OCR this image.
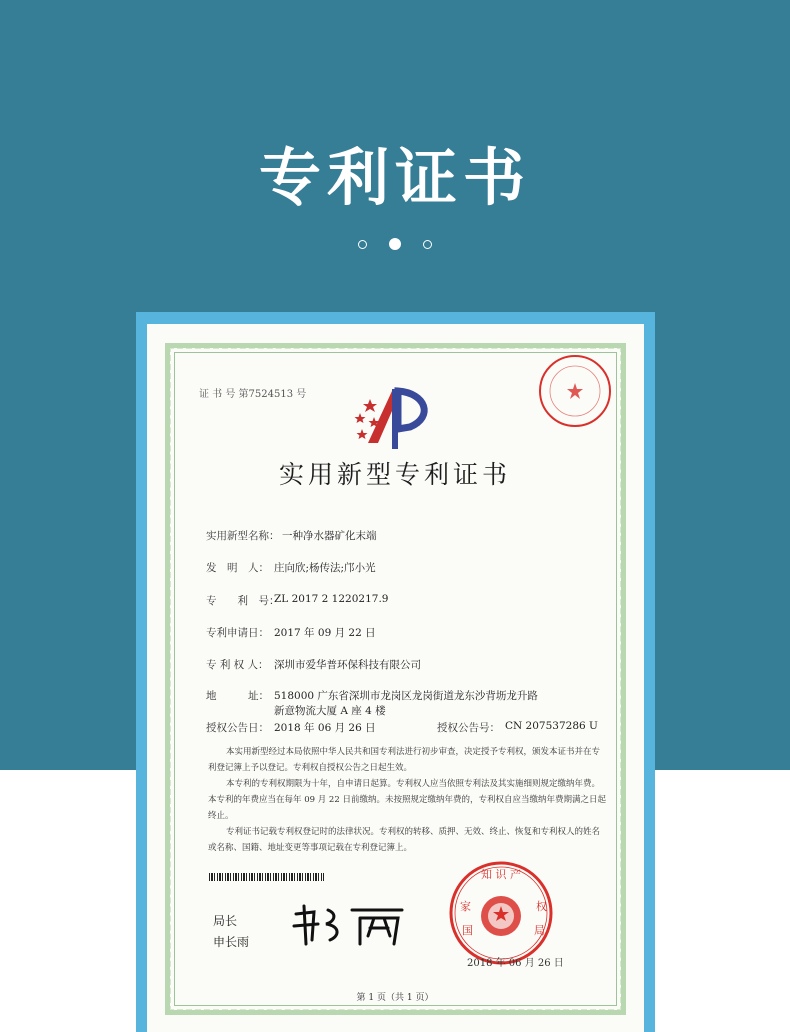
专利证书
证 书 号 第7524513 号
实用新型专利证书
实用新型名称： 一种净水器矿化末端
发　明　人： 庄向欣;杨传法;邝小光
专　　利　号：
ZL 2017 2 1220217.9
专利申请日： 2017 年 09 月 22 日
专 利 权 人： 深圳市爱华普环保科技有限公司
地　　　址： 518000 广东省深圳市龙岗区龙岗街道龙东沙背坜龙升路
新意物流大厦 A 座 4 楼
授权公告日： 2018 年 06 月 26 日	授权公告号： CN 207537286 U
本实用新型经过本局依照中华人民共和国专利法进行初步审查，决定授予专利权，颁发本证书并在专利登记簿上予以登记。专利权自授权公告之日起生效。
本专利的专利权期限为十年，自申请日起算。专利权人应当依照专利法及其实施细则规定缴纳年费。本专利的年费应当在每年 09 月 22 日前缴纳。未按照规定缴纳年费的，专利权自应当缴纳年费期满之日起终止。
专利证书记载专利权登记时的法律状况。专利权的转移、质押、无效、终止、恢复和专利权人的姓名或名称、国籍、地址变更等事项记载在专利登记簿上。
局长
申长雨
知 识 产
家	权
国	局
2018 年 06 月 26 日
第 1 页（共 1 页）
